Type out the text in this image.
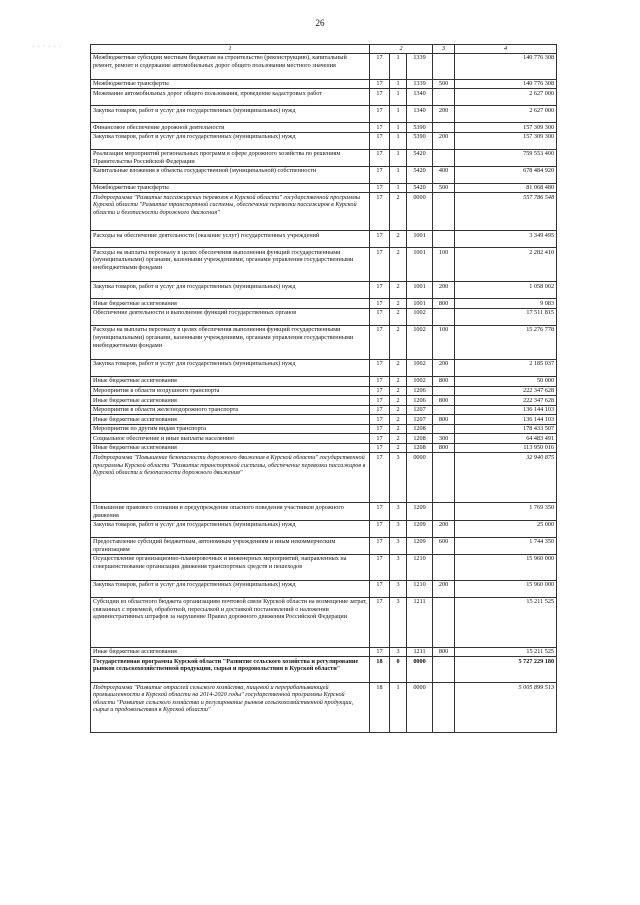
26
· · · · · ·	1	2			3	4
Межбюджетные субсидии местным бюджетам на строительство (реконструкцию), капитальный ремонт, ремонт и содержание автомобильных дорог общего пользования местного значения	17	1	1339		140 776 308
Межбюджетные трансферты	17	1	1339	500	140 776 308
Межевание автомобильных дорог общего пользования, проведение кадастровых работ	17	1	1340		2 627 000
Закупка товаров, работ и услуг для государственных (муниципальных) нужд	17	1	1340	200	2 627 000
Финансовое обеспечение дорожной деятельности	17	1	5390		157 309 300
Закупка товаров, работ и услуг для государственных (муниципальных) нужд	17	1	5390	200	157 309 300
Реализация мероприятий региональных программ в сфере дорожного хозяйства по решениям Правительства Российской Федерации	17	1	5420		759 553 400
Капитальные вложения в объекты государственной (муниципальной) собственности	17	1	5420	400	678 484 920
Межбюджетные трансферты	17	1	5420	500	81 068 480
Подпрограмма "Развитие пассажирских перевозок в Курской области" государственной программы Курской области "Развитие транспортной системы, обеспечение перевозки пассажиров в Курской области и безопасности дорожного движения"	17	2	0000		557 786 548
Расходы на обеспечение деятельности (оказание услуг) государственных учреждений	17	2	1001		3 349 495
Расходы на выплаты персоналу в целях обеспечения выполнения функций государственными (муниципальными) органами, казенными учреждениями, органами управления государственными внебюджетными фондами	17	2	1001	100	2 282 410
Закупка товаров, работ и услуг для государственных (муниципальных) нужд	17	2	1001	200	1 058 002
Иные бюджетные ассигнования	17	2	1001	800	9 083
Обеспечение деятельности и выполнение функций государственных органов	17	2	1002		17 511 815
Расходы на выплаты персоналу в целях обеспечения выполнения функций государственными (муниципальными) органами, казенными учреждениями, органами управления государственными внебюджетными фондами	17	2	1002	100	15 276 778
Закупка товаров, работ и услуг для государственных (муниципальных) нужд	17	2	1002	200	2 185 037
Иные бюджетные ассигнования	17	2	1002	800	50 000
Мероприятия в области воздушного транспорта	17	2	1206		222 347 628
Иные бюджетные ассигнования	17	2	1206	800	222 347 628
Мероприятия в области железнодорожного транспорта	17	2	1207		136 144 103
Иные бюджетные ассигнования	17	2	1207	800	136 144 103
Мероприятия по другим видам транспорта	17	2	1208		178 433 507
Социальное обеспечение и иные выплаты населению	17	2	1208	300	64 483 491
Иные бюджетные ассигнования	17	2	1208	800	113 950 016
Подпрограмма "Повышение безопасности дорожного движения в Курской области" государственной программы Курской области "Развитие транспортной системы, обеспечение перевозки пассажиров в Курской области и безопасности дорожного движения"	17	3	0000		32 940 875
Повышение правового сознания и предупреждение опасного поведения участников дорожного движения	17	3	1209		1 769 350
Закупка товаров, работ и услуг для государственных (муниципальных) нужд	17	3	1209	200	25 000
Предоставление субсидий бюджетным, автономным учреждениям и иным некоммерческим организациям	17	3	1209	600	1 744 350
Осуществление организационно-планировочных и инженерных мероприятий, направленных на совершенствование организации движения транспортных средств и пешеходов	17	3	1210		15 960 000
Закупка товаров, работ и услуг для государственных (муниципальных) нужд	17	3	1210	200	15 960 000
Субсидии из областного бюджета организациям почтовой связи Курской области на возмещение затрат, связанных с приемкой, обработкой, пересылкой и доставкой постановлений о наложении административных штрафов за нарушение Правил дорожного движения Российской Федерации	17	3	1211		15 211 525
Иные бюджетные ассигнования	17	3	1211	800	15 211 525
Государственная программа Курской области "Развитие сельского хозяйства и регулирование рынков сельскохозяйственной продукции, сырья и продовольствия в Курской области"	18	0	0000		5 727 229 180
Подпрограмма "Развитие отраслей сельского хозяйства, пищевой и перерабатывающей промышленности в Курской области на 2014-2020 годы" государственной программы Курской области "Развитие сельского хозяйства и регулирование рынков сельскохозяйственной продукции, сырья и продовольствия в Курской области"	18	1	0000		5 005 899 513
